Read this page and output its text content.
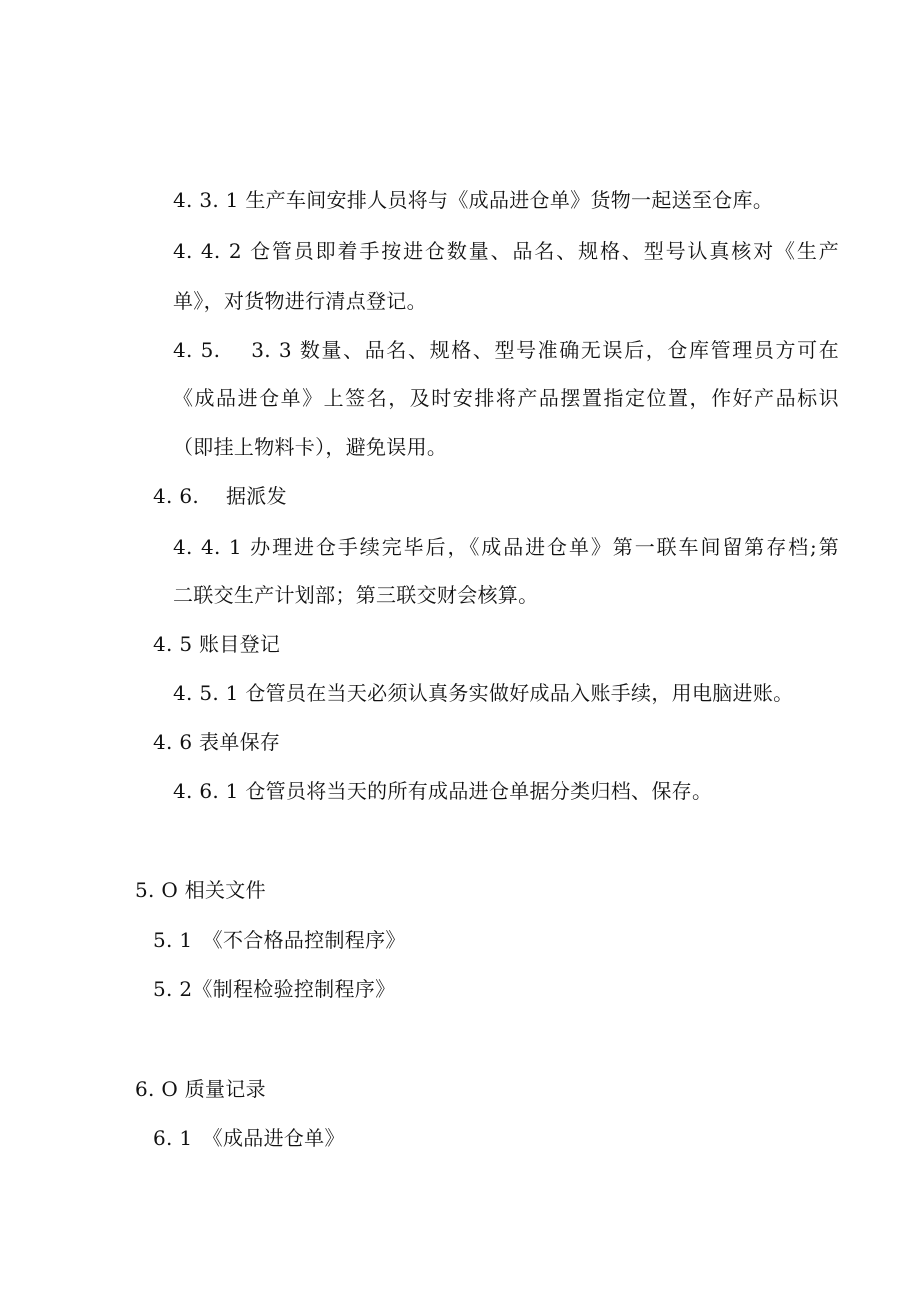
4. 3. 1 生产车间安排人员将与《成品进仓单》货物一起送至仓库。
4. 4. 2 仓管员即着手按进仓数量、品名、规格、型号认真核对《生产
单》，对货物进行清点登记。
4. 5.　 3. 3 数量、品名、规格、型号准确无误后，仓库管理员方可在
《成品进仓单》上签名，及时安排将产品摆置指定位置，作好产品标识
（即挂上物料卡），避免误用。
4. 6.　 据派发
4. 4. 1 办理进仓手续完毕后，《成品进仓单》第一联车间留第存档;第
二联交生产计划部；第三联交财会核算。
4. 5 账目登记
4. 5. 1 仓管员在当天必须认真务实做好成品入账手续，用电脑进账。
4. 6 表单保存
4. 6. 1 仓管员将当天的所有成品进仓单据分类归档、保存。
5. O 相关文件
5. 1　《不合格品控制程序》
5. 2《制程检验控制程序》
6. O 质量记录
6. 1　《成品进仓单》
